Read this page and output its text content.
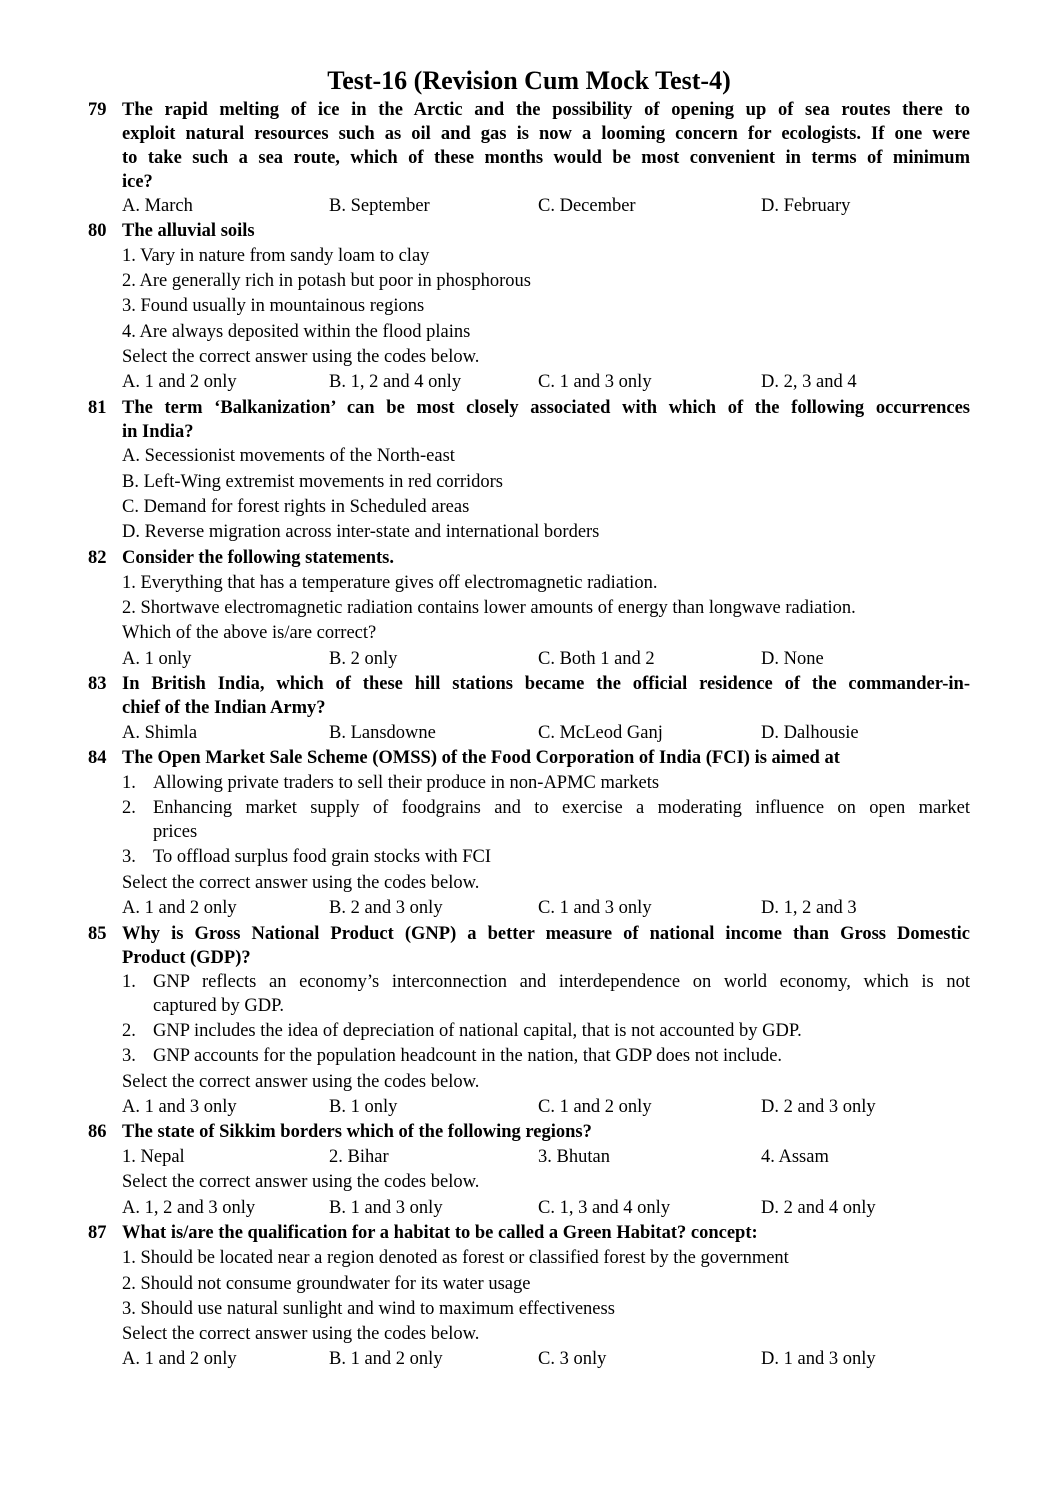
Test-16 (Revision Cum Mock Test-4)
79 The rapid melting of ice in the Arctic and the possibility of opening up of sea routes there to
exploit natural resources such as oil and gas is now a looming concern for ecologists. If one were
to take such a sea route, which of these months would be most convenient in terms of minimum
ice?
A. March	B. September	C. December	D. February
80 The alluvial soils
1. Vary in nature from sandy loam to clay
2. Are generally rich in potash but poor in phosphorous
3. Found usually in mountainous regions
4. Are always deposited within the flood plains
Select the correct answer using the codes below.
A. 1 and 2 only	B. 1, 2 and 4 only	C. 1 and 3 only	D. 2, 3 and 4
81 The term ‘Balkanization’ can be most closely associated with which of the following occurrences
in India?
A. Secessionist movements of the North-east
B. Left-Wing extremist movements in red corridors
C. Demand for forest rights in Scheduled areas
D. Reverse migration across inter-state and international borders
82 Consider the following statements.
1. Everything that has a temperature gives off electromagnetic radiation.
2. Shortwave electromagnetic radiation contains lower amounts of energy than longwave radiation.
Which of the above is/are correct?
A. 1 only	B. 2 only	C. Both 1 and 2	D. None
83 In British India, which of these hill stations became the official residence of the commander-in-
chief of the Indian Army?
A. Shimla	B. Lansdowne	C. McLeod Ganj	D. Dalhousie
84 The Open Market Sale Scheme (OMSS) of the Food Corporation of India (FCI) is aimed at
1. Allowing private traders to sell their produce in non-APMC markets
2. Enhancing market supply of foodgrains and to exercise a moderating influence on open market
prices
3. To offload surplus food grain stocks with FCI
Select the correct answer using the codes below.
A. 1 and 2 only	B. 2 and 3 only	C. 1 and 3 only	D. 1, 2 and 3
85 Why is Gross National Product (GNP) a better measure of national income than Gross Domestic
Product (GDP)?
1. GNP reflects an economy’s interconnection and interdependence on world economy, which is not
captured by GDP.
2. GNP includes the idea of depreciation of national capital, that is not accounted by GDP.
3. GNP accounts for the population headcount in the nation, that GDP does not include.
Select the correct answer using the codes below.
A. 1 and 3 only	B. 1 only	C. 1 and 2 only	D. 2 and 3 only
86 The state of Sikkim borders which of the following regions?
1. Nepal	2. Bihar	3. Bhutan	4. Assam
Select the correct answer using the codes below.
A. 1, 2 and 3 only	B. 1 and 3 only	C. 1, 3 and 4 only	D. 2 and 4 only
87 What is/are the qualification for a habitat to be called a Green Habitat? concept:
1. Should be located near a region denoted as forest or classified forest by the government
2. Should not consume groundwater for its water usage
3. Should use natural sunlight and wind to maximum effectiveness
Select the correct answer using the codes below.
A. 1 and 2 only	B. 1 and 2 only	C. 3 only	D. 1 and 3 only
